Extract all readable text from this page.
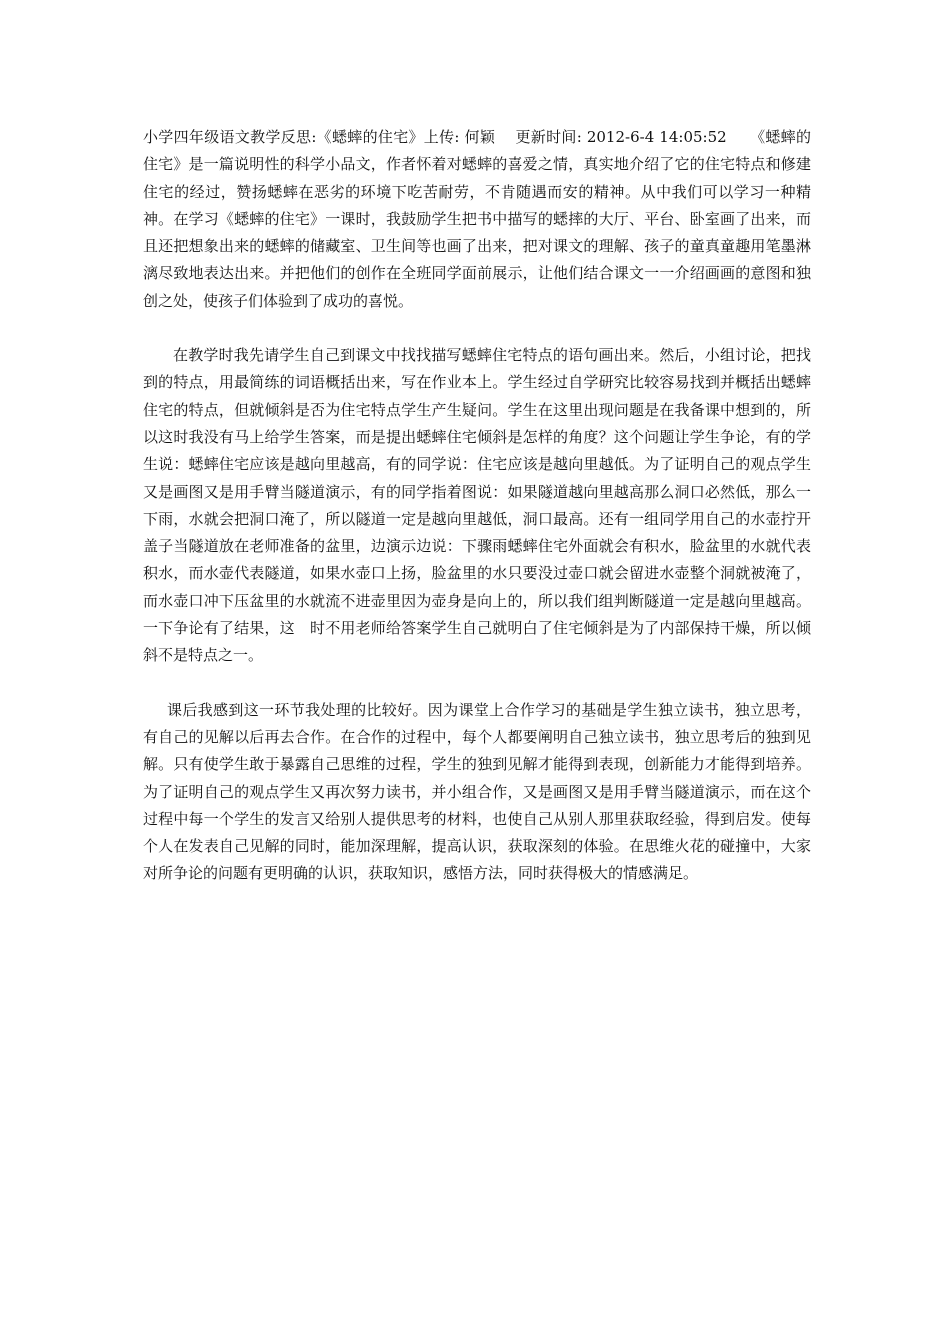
小学四年级语文教学反思:《蟋蟀的住宅》上传: 何颖　 更新时间: 2012-6-4 14:05:52　　《蟋蟀的住宅》是一篇说明性的科学小品文，作者怀着对蟋蟀的喜爱之情，真实地介绍了它的住宅特点和修建住宅的经过，赞扬蟋蟀在恶劣的环境下吃苦耐劳，不肯随遇而安的精神。从中我们可以学习一种精神。在学习《蟋蟀的住宅》一课时，我鼓励学生把书中描写的蟋摔的大厅、平台、卧室画了出来，而且还把想象出来的蟋蟀的储藏室、卫生间等也画了出来，把对课文的理解、孩子的童真童趣用笔墨淋漓尽致地表达出来。并把他们的创作在全班同学面前展示，让他们结合课文一一介绍画画的意图和独创之处，使孩子们体验到了成功的喜悦。

在教学时我先请学生自己到课文中找找描写蟋蟀住宅特点的语句画出来。然后，小组讨论，把找到的特点，用最简练的词语概括出来，写在作业本上。学生经过自学研究比较容易找到并概括出蟋蟀住宅的特点，但就倾斜是否为住宅特点学生产生疑问。学生在这里出现问题是在我备课中想到的，所以这时我没有马上给学生答案，而是提出蟋蟀住宅倾斜是怎样的角度？这个问题让学生争论，有的学生说：蟋蟀住宅应该是越向里越高，有的同学说：住宅应该是越向里越低。为了证明自己的观点学生又是画图又是用手臂当隧道演示，有的同学指着图说：如果隧道越向里越高那么洞口必然低，那么一下雨，水就会把洞口淹了，所以隧道一定是越向里越低，洞口最高。还有一组同学用自己的水壶拧开盖子当隧道放在老师准备的盆里，边演示边说：下骤雨蟋蟀住宅外面就会有积水，脸盆里的水就代表积水，而水壶代表隧道，如果水壶口上扬，脸盆里的水只要没过壶口就会留进水壶整个洞就被淹了，而水壶口冲下压盆里的水就流不进壶里因为壶身是向上的，所以我们组判断隧道一定是越向里越高。一下争论有了结果，这　时不用老师给答案学生自己就明白了住宅倾斜是为了内部保持干燥，所以倾斜不是特点之一。

课后我感到这一环节我处理的比较好。因为课堂上合作学习的基础是学生独立读书，独立思考，有自己的见解以后再去合作。在合作的过程中，每个人都要阐明自己独立读书，独立思考后的独到见解。只有使学生敢于暴露自己思维的过程，学生的独到见解才能得到表现，创新能力才能得到培养。为了证明自己的观点学生又再次努力读书，并小组合作，又是画图又是用手臂当隧道演示，而在这个过程中每一个学生的发言又给别人提供思考的材料，也使自己从别人那里获取经验，得到启发。使每个人在发表自己见解的同时，能加深理解，提高认识，获取深刻的体验。在思维火花的碰撞中，大家对所争论的问题有更明确的认识，获取知识，感悟方法，同时获得极大的情感满足。
